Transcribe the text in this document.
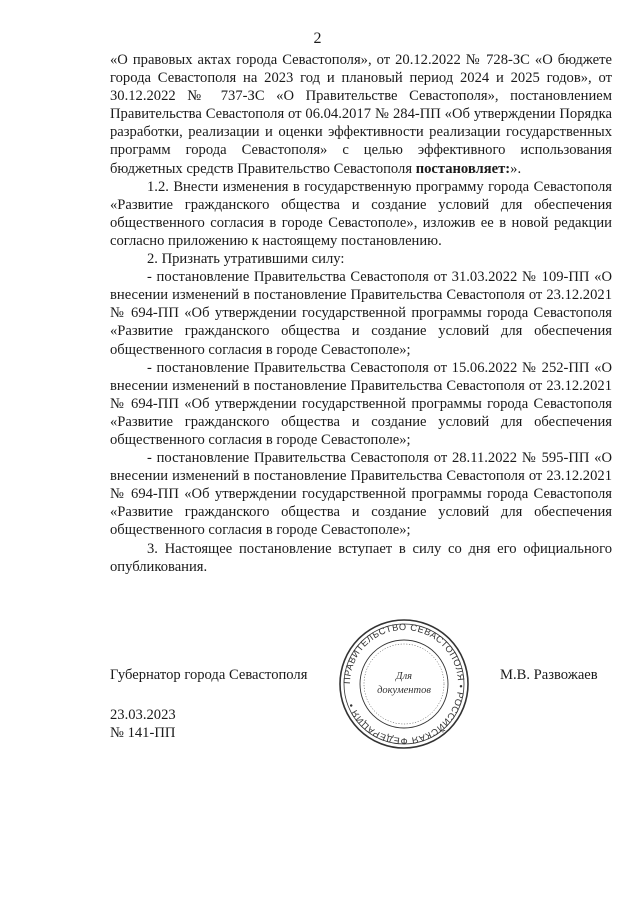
2

«О правовых актах города Севастополя», от 20.12.2022 № 728-ЗС «О бюджете города Севастополя на 2023 год и плановый период 2024 и 2025 годов», от 30.12.2022 № 737-ЗС «О Правительстве Севастополя», постановлением Правительства Севастополя от 06.04.2017 № 284-ПП «Об утверждении Порядка разработки, реализации и оценки эффективности реализации государственных программ города Севастополя» с целью эффективного использования бюджетных средств Правительство Севастополя постановляет:».

1.2. Внести изменения в государственную программу города Севастополя «Развитие гражданского общества и создание условий для обеспечения общественного согласия в городе Севастополе», изложив ее в новой редакции согласно приложению к настоящему постановлению.

2. Признать утратившими силу:

- постановление Правительства Севастополя от 31.03.2022 № 109-ПП «О внесении изменений в постановление Правительства Севастополя от 23.12.2021 № 694-ПП «Об утверждении государственной программы города Севастополя «Развитие гражданского общества и создание условий для обеспечения общественного согласия в городе Севастополе»;

- постановление Правительства Севастополя от 15.06.2022 № 252-ПП «О внесении изменений в постановление Правительства Севастополя от 23.12.2021 № 694-ПП «Об утверждении государственной программы города Севастополя «Развитие гражданского общества и создание условий для обеспечения общественного согласия в городе Севастополе»;

- постановление Правительства Севастополя от 28.11.2022 № 595-ПП «О внесении изменений в постановление Правительства Севастополя от 23.12.2021 № 694-ПП «Об утверждении государственной программы города Севастополя «Развитие гражданского общества и создание условий для обеспечения общественного согласия в городе Севастополе»;

3. Настоящее постановление вступает в силу со дня его официального опубликования.

ПРАВИТЕЛЬСТВО СЕВАСТОПОЛЯ • РОССИЙСКАЯ ФЕДЕРАЦИЯ •
Для
документов
Губернатор города Севастополя	М.В. Развожаев
23.03.2023
№ 141-ПП
